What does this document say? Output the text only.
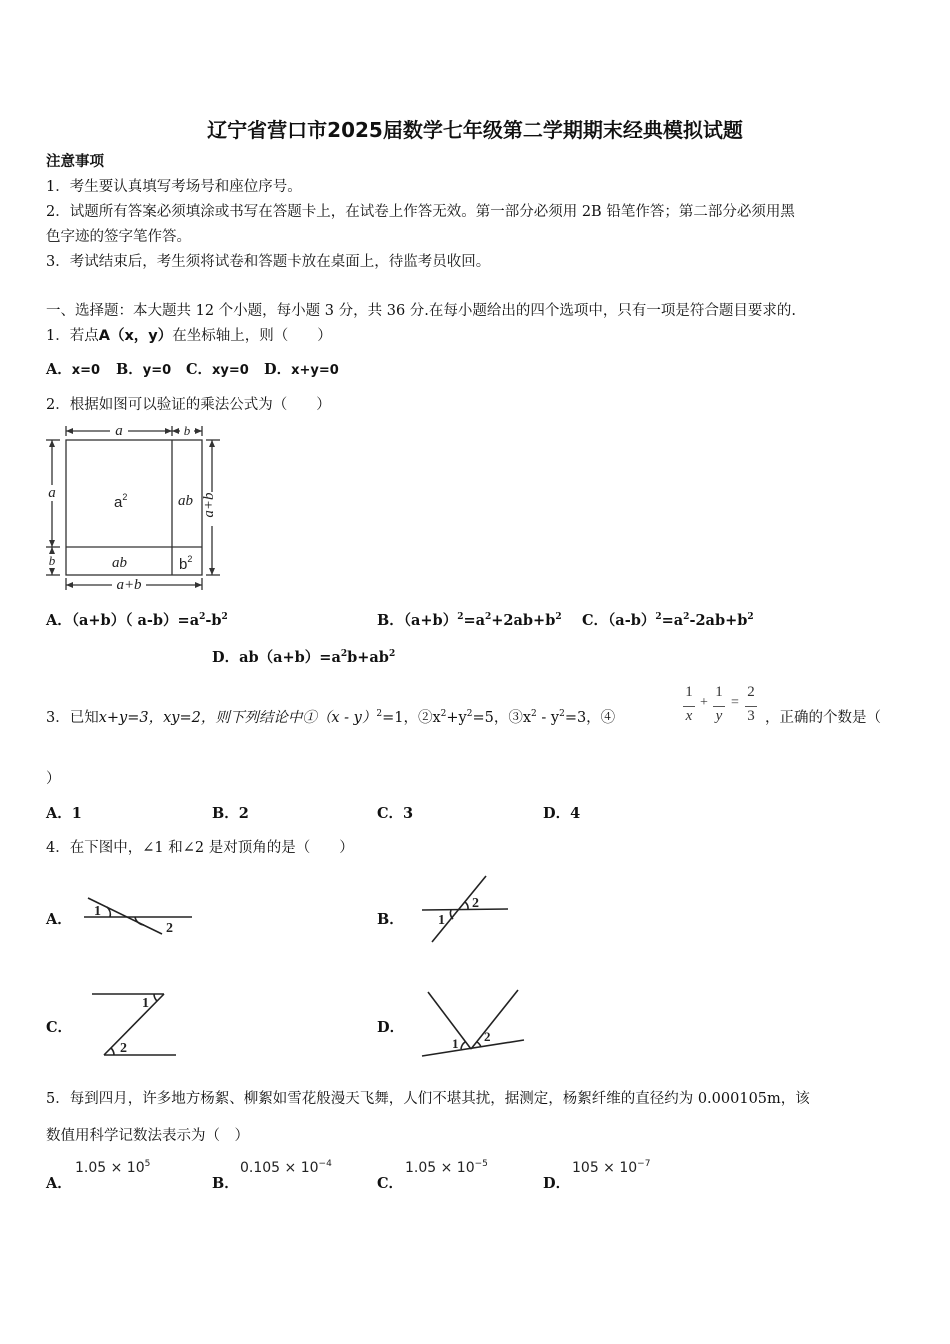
辽宁省营口市2025届数学七年级第二学期期末经典模拟试题
注意事项
1．考生要认真填写考场号和座位序号。
2．试题所有答案必须填涂或书写在答题卡上，在试卷上作答无效。第一部分必须用 2B 铅笔作答；第二部分必须用黑
色字迹的签字笔作答。
3．考试结束后，考生须将试卷和答题卡放在桌面上，待监考员收回。
一、选择题：本大题共 12 个小题，每小题 3 分，共 36 分.在每小题给出的四个选项中，只有一项是符合题目要求的.
1．若点A（x，y）在坐标轴上，则（　　）
A．x=0 B．y=0 C．xy=0 D．x+y=0
2．根据如图可以验证的乘法公式为（　　）
a	b
a
b
a+b
a+b
$a^2$	ab
ab	$b^2$
A．（a+b）（ $a-b)=a^2-b^2$	B．$(a+b)^2=a^2+2ab+b^2$ C．$(a-b)^2=a^2-2ab+b^2$
D．$ab(a+b)=a^2b+ab^2$
3．已知x+y=3，xy=2，则下列结论中①（x - y）$^2$=1，$②x^2+y^2=5$，$③x^2 - y^2=3$，④
1
x
+
1
y
=
2
3 ，正确的个数是（
）
A．1	B．2	C．3	D．4
4．在下图中，∠1 和∠2 是对顶角的是（　　）
A． 1
2
B． 1
2
C．
1
2
D．
1 2
5．每到四月，许多地方杨絮、柳絮如雪花般漫天飞舞，人们不堪其扰，据测定，杨絮纤维的直径约为 0.000105m，该
数值用科学记数法表示为（　）
A．
$1.05 \times 10^5$
B．
$0.105 \times 10^{-4}$
C．
$1.05 \times 10^{-5}$
D．
$105 \times 10^{-7}$
